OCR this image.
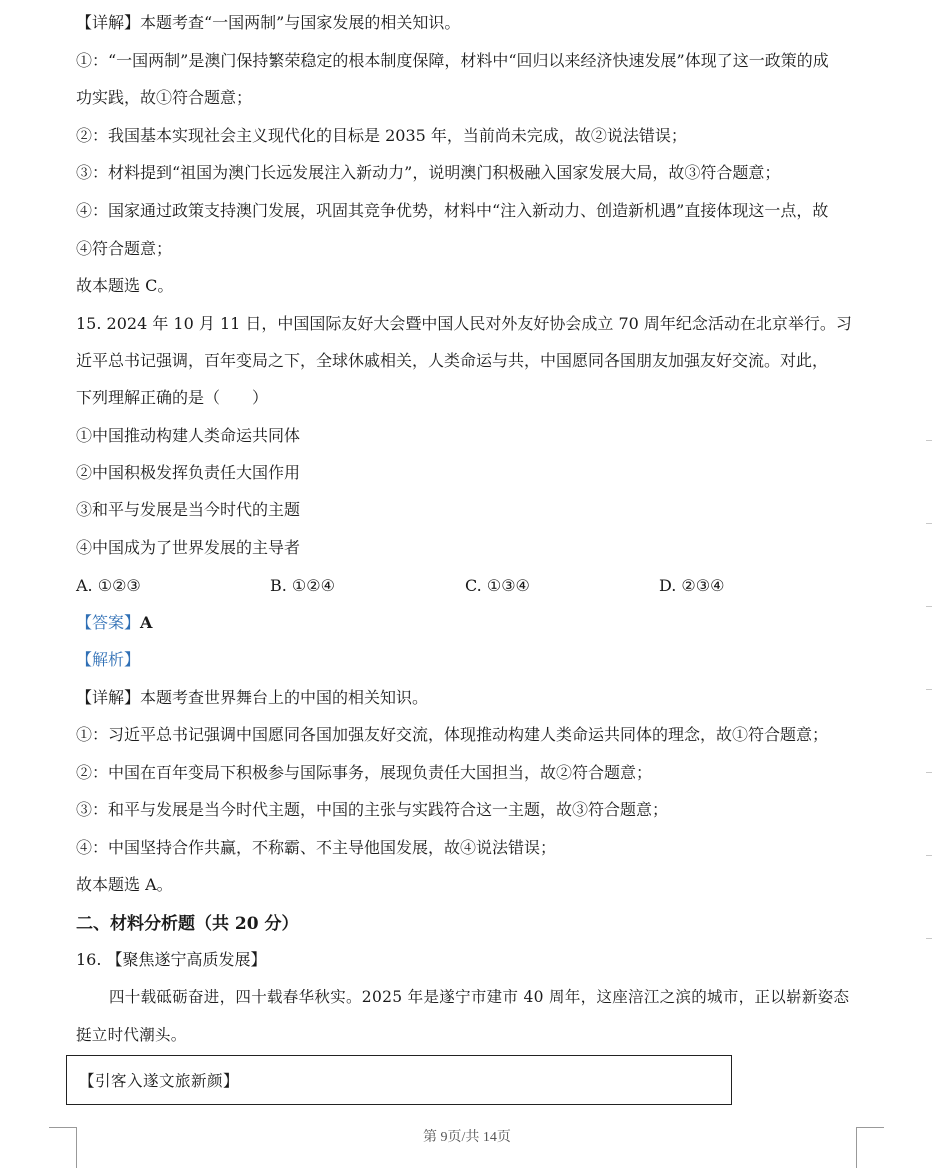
【详解】本题考查“一国两制”与国家发展的相关知识。
①：“一国两制”是澳门保持繁荣稳定的根本制度保障，材料中“回归以来经济快速发展”体现了这一政策的成
功实践，故①符合题意；
②：我国基本实现社会主义现代化的目标是 2035 年，当前尚未完成，故②说法错误；
③：材料提到“祖国为澳门长远发展注入新动力”，说明澳门积极融入国家发展大局，故③符合题意；
④：国家通过政策支持澳门发展，巩固其竞争优势，材料中“注入新动力、创造新机遇”直接体现这一点，故
④符合题意；
故本题选 C。
15. 2024 年 10 月 11 日，中国国际友好大会暨中国人民对外友好协会成立 70 周年纪念活动在北京举行。习
近平总书记强调，百年变局之下，全球休戚相关，人类命运与共，中国愿同各国朋友加强友好交流。对此，
下列理解正确的是（　　）
①中国推动构建人类命运共同体
②中国积极发挥负责任大国作用
③和平与发展是当今时代的主题
④中国成为了世界发展的主导者
A. ①②③	B. ①②④	C. ①③④	D. ②③④
【答案】A
【解析】
【详解】本题考查世界舞台上的中国的相关知识。
①：习近平总书记强调中国愿同各国加强友好交流，体现推动构建人类命运共同体的理念，故①符合题意；
②：中国在百年变局下积极参与国际事务，展现负责任大国担当，故②符合题意；
③：和平与发展是当今时代主题，中国的主张与实践符合这一主题，故③符合题意；
④：中国坚持合作共赢，不称霸、不主导他国发展，故④说法错误；
故本题选 A。
二、材料分析题（共 20 分）
16. 【聚焦遂宁高质发展】
四十载砥砺奋进，四十载春华秋实。2025 年是遂宁市建市 40 周年，这座涪江之滨的城市，正以崭新姿态挺立时代潮头。
【引客入遂文旅新颜】
第 9页/共 14页
